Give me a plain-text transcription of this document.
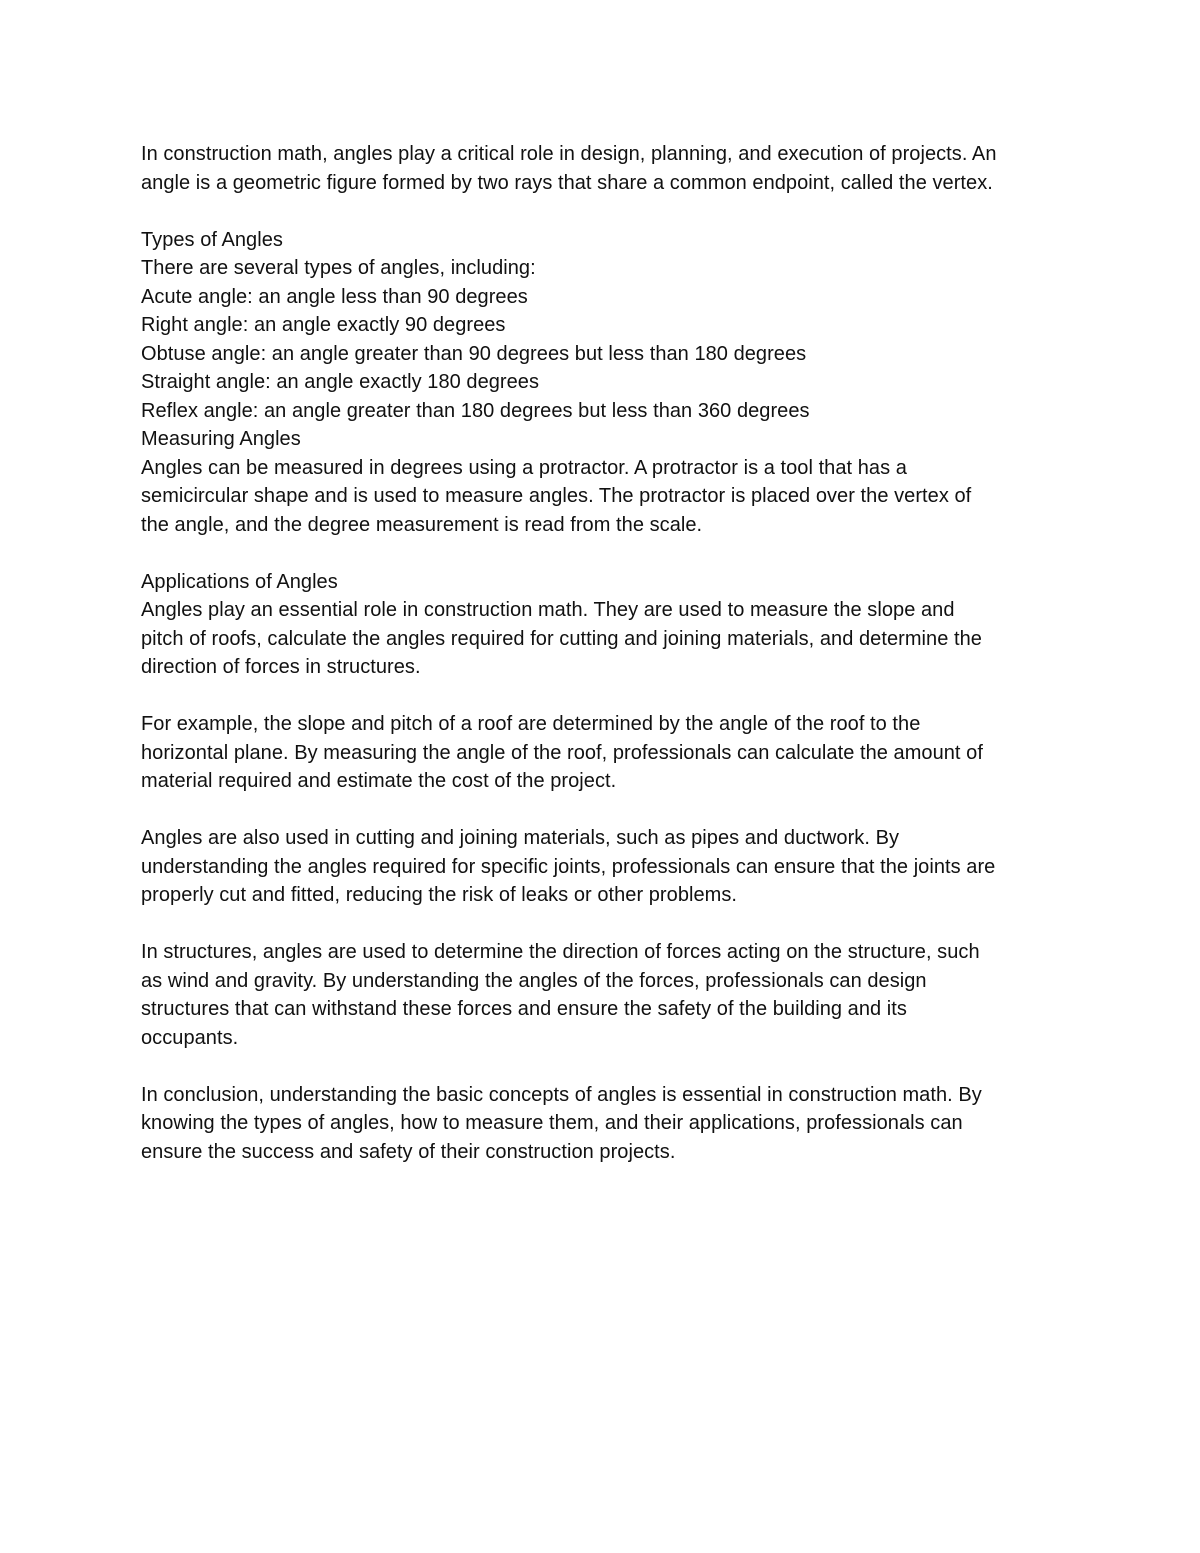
In construction math, angles play a critical role in design, planning, and execution of projects. An
angle is a geometric figure formed by two rays that share a common endpoint, called the vertex.
Types of Angles
There are several types of angles, including:
Acute angle: an angle less than 90 degrees
Right angle: an angle exactly 90 degrees
Obtuse angle: an angle greater than 90 degrees but less than 180 degrees
Straight angle: an angle exactly 180 degrees
Reflex angle: an angle greater than 180 degrees but less than 360 degrees
Measuring Angles
Angles can be measured in degrees using a protractor. A protractor is a tool that has a
semicircular shape and is used to measure angles. The protractor is placed over the vertex of
the angle, and the degree measurement is read from the scale.
Applications of Angles
Angles play an essential role in construction math. They are used to measure the slope and
pitch of roofs, calculate the angles required for cutting and joining materials, and determine the
direction of forces in structures.
For example, the slope and pitch of a roof are determined by the angle of the roof to the
horizontal plane. By measuring the angle of the roof, professionals can calculate the amount of
material required and estimate the cost of the project.
Angles are also used in cutting and joining materials, such as pipes and ductwork. By
understanding the angles required for specific joints, professionals can ensure that the joints are
properly cut and fitted, reducing the risk of leaks or other problems.
In structures, angles are used to determine the direction of forces acting on the structure, such
as wind and gravity. By understanding the angles of the forces, professionals can design
structures that can withstand these forces and ensure the safety of the building and its
occupants.
In conclusion, understanding the basic concepts of angles is essential in construction math. By
knowing the types of angles, how to measure them, and their applications, professionals can
ensure the success and safety of their construction projects.
